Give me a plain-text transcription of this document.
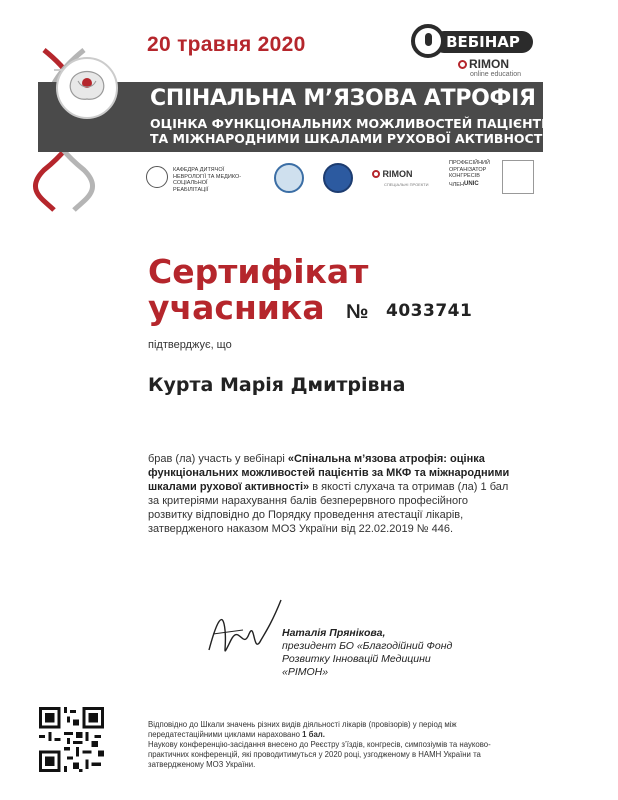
20 травня 2020	ВЕБІНАР
RIMON
online education
СПІНАЛЬНА М’ЯЗОВА АТРОФІЯ
ОЦІНКА ФУНКЦІОНАЛЬНИХ МОЖЛИВОСТЕЙ ПАЦІЄНТІВ ЗА МКФ
ТА МІЖНАРОДНИМИ ШКАЛАМИ РУХОВОЇ АКТИВНОСТІ
КАФЕДРА ДИТЯЧОЇ НЕВРОЛОГІЇ ТА МЕДИКО-СОЦІАЛЬНОЇ РЕАБІЛІТАЦІЇ
RIMON
СПЕЦІАЛЬНІ ПРОЕКТИ
ПРОФЕСІЙНИЙ ОРГАНІЗАТОР КОНГРЕСІВ
ЧЛЕН UNIC
Сертифікат
учасника	№ 4033741
підтверджує, що
Курта Марія Дмитрівна
брав (ла) участь у вебінарі «Спінальна м’язова атрофія: оцінка функціональних можливостей пацієнтів за МКФ та міжнародними шкалами рухової активності» в якості слухача та отримав (ла) 1 бал за критеріями нарахування балів безперервного професійного розвитку відповідно до Порядку проведення атестації лікарів, затвердженого наказом МОЗ України від 22.02.2019 № 446.
Наталія Прянікова,
президент БО «Благодійний Фонд
Розвитку Інновацій Медицини
«РІМОН»
Відповідно до Шкали значень різних видів діяльності лікарів (провізорів) у період між передатестаційними циклами нараховано 1 бал.
Наукову конференцію-засідання внесено до Реєстру з’їздів, конгресів, симпозіумів та науково-практичних конференцій, які проводитимуться у 2020 році, узгодженому в НАМН України та затвердженому МОЗ України.
